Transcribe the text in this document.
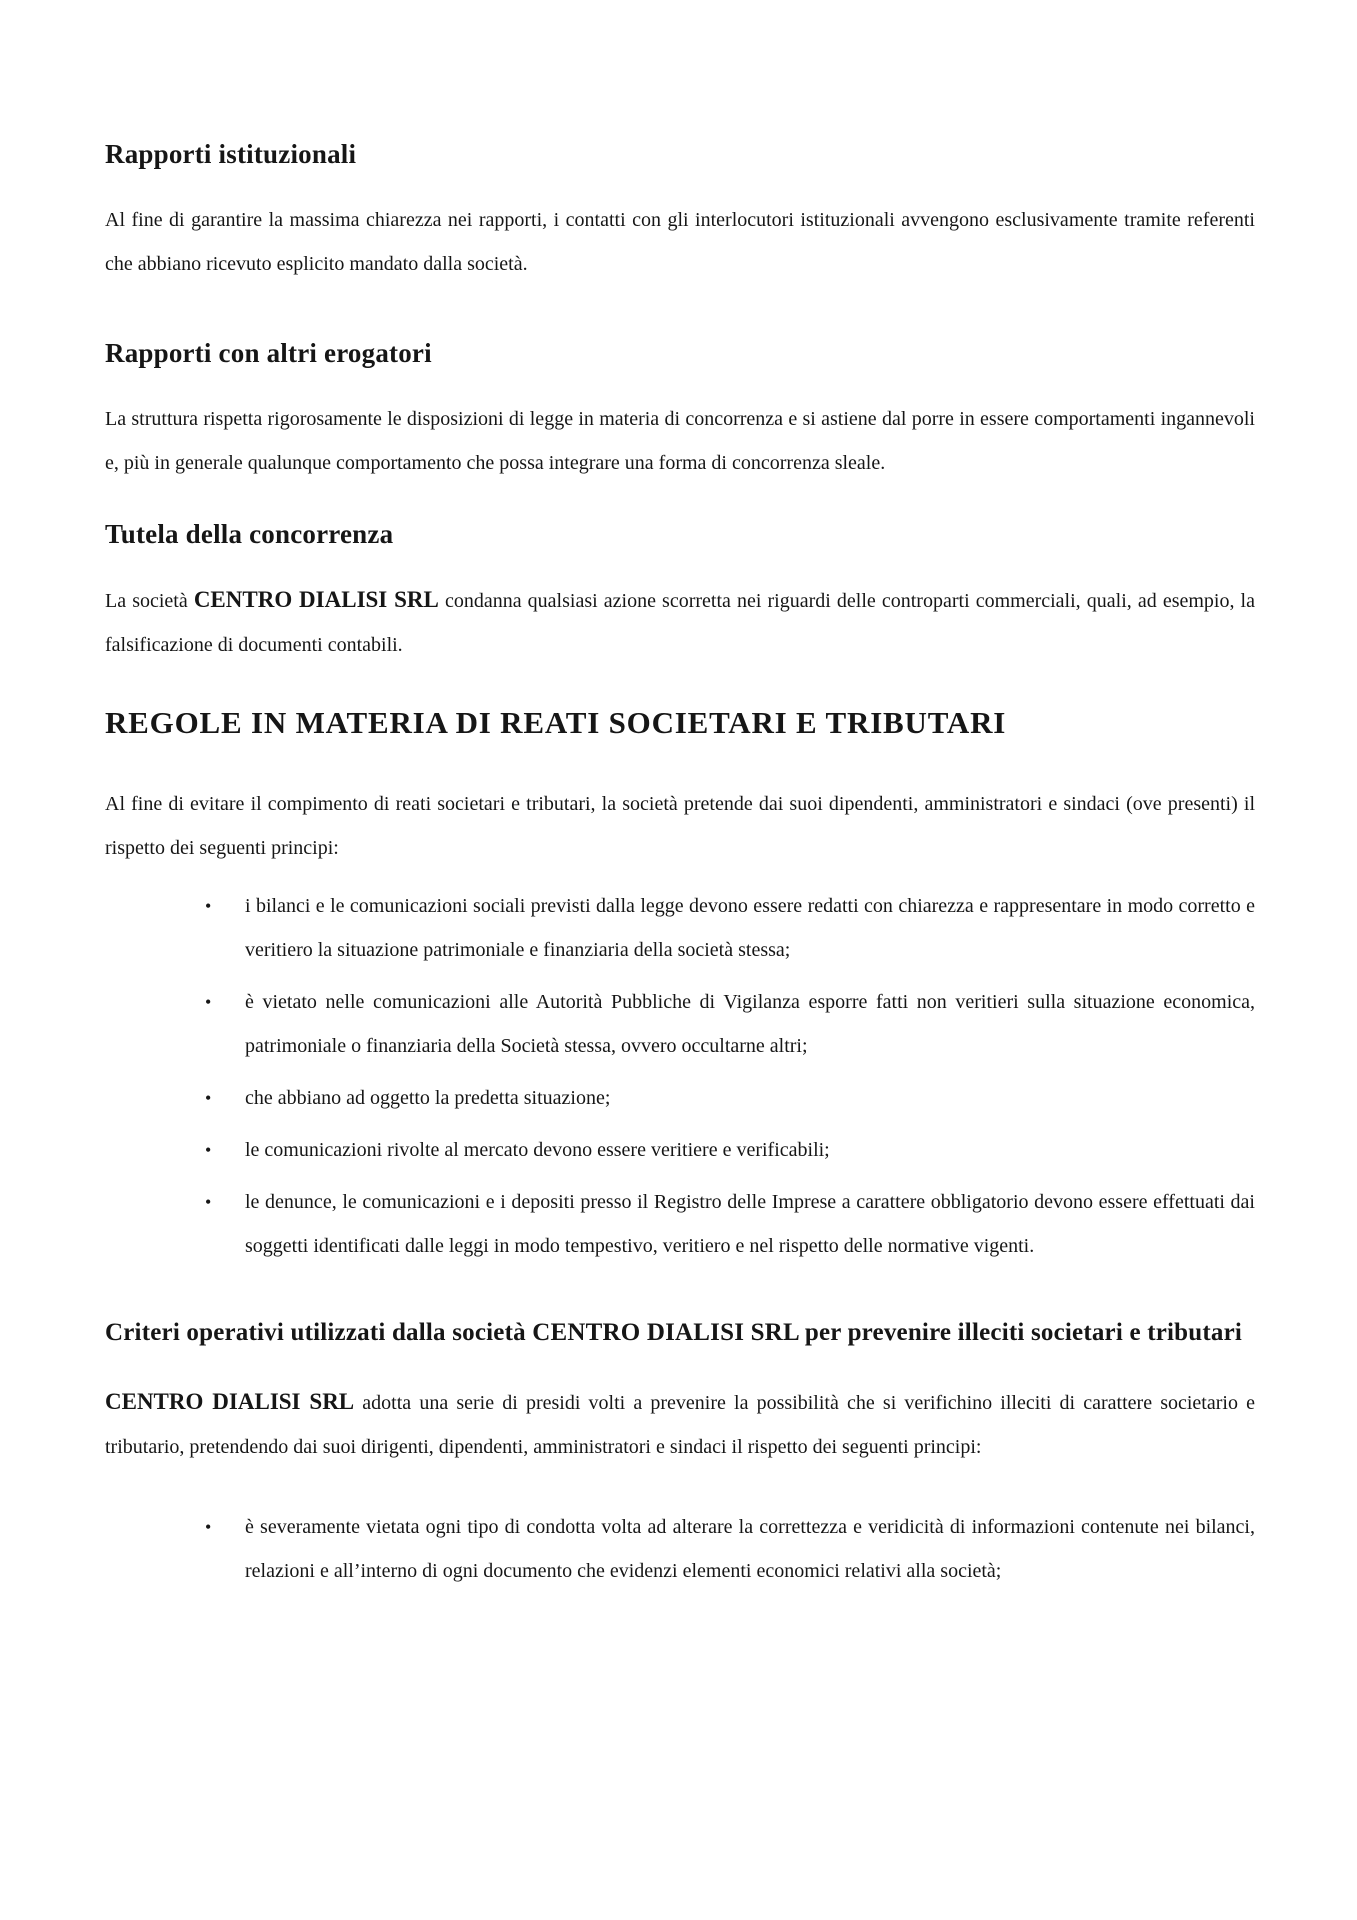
Rapporti istituzionali

Al fine di garantire la massima chiarezza nei rapporti, i contatti con gli interlocutori istituzionali avvengono esclusivamente tramite referenti che abbiano ricevuto esplicito mandato dalla società.

Rapporti con altri erogatori

La struttura rispetta rigorosamente le disposizioni di legge in materia di concorrenza e si astiene dal porre in essere comportamenti ingannevoli e, più in generale qualunque comportamento che possa integrare una forma di concorrenza sleale.

Tutela della concorrenza

La società CENTRO DIALISI SRL condanna qualsiasi azione scorretta nei riguardi delle controparti commerciali, quali, ad esempio, la falsificazione di documenti contabili.

REGOLE IN MATERIA DI REATI SOCIETARI E TRIBUTARI

Al fine di evitare il compimento di reati societari e tributari, la società pretende dai suoi dipendenti, amministratori e sindaci (ove presenti) il rispetto dei seguenti principi:

• i bilanci e le comunicazioni sociali previsti dalla legge devono essere redatti con chiarezza e rappresentare in modo corretto e veritiero la situazione patrimoniale e finanziaria della società stessa;
• è vietato nelle comunicazioni alle Autorità Pubbliche di Vigilanza esporre fatti non veritieri sulla situazione economica, patrimoniale o finanziaria della Società stessa, ovvero occultarne altri;
• che abbiano ad oggetto la predetta situazione;
• le comunicazioni rivolte al mercato devono essere veritiere e verificabili;
• le denunce, le comunicazioni e i depositi presso il Registro delle Imprese a carattere obbligatorio devono essere effettuati dai soggetti identificati dalle leggi in modo tempestivo, veritiero e nel rispetto delle normative vigenti.
Criteri operativi utilizzati dalla società CENTRO DIALISI SRL per prevenire illeciti societari e tributari

CENTRO DIALISI SRL adotta una serie di presidi volti a prevenire la possibilità che si verifichino illeciti di carattere societario e tributario, pretendendo dai suoi dirigenti, dipendenti, amministratori e sindaci il rispetto dei seguenti principi:

• è severamente vietata ogni tipo di condotta volta ad alterare la correttezza e veridicità di informazioni contenute nei bilanci, relazioni e all’interno di ogni documento che evidenzi elementi economici relativi alla società;
